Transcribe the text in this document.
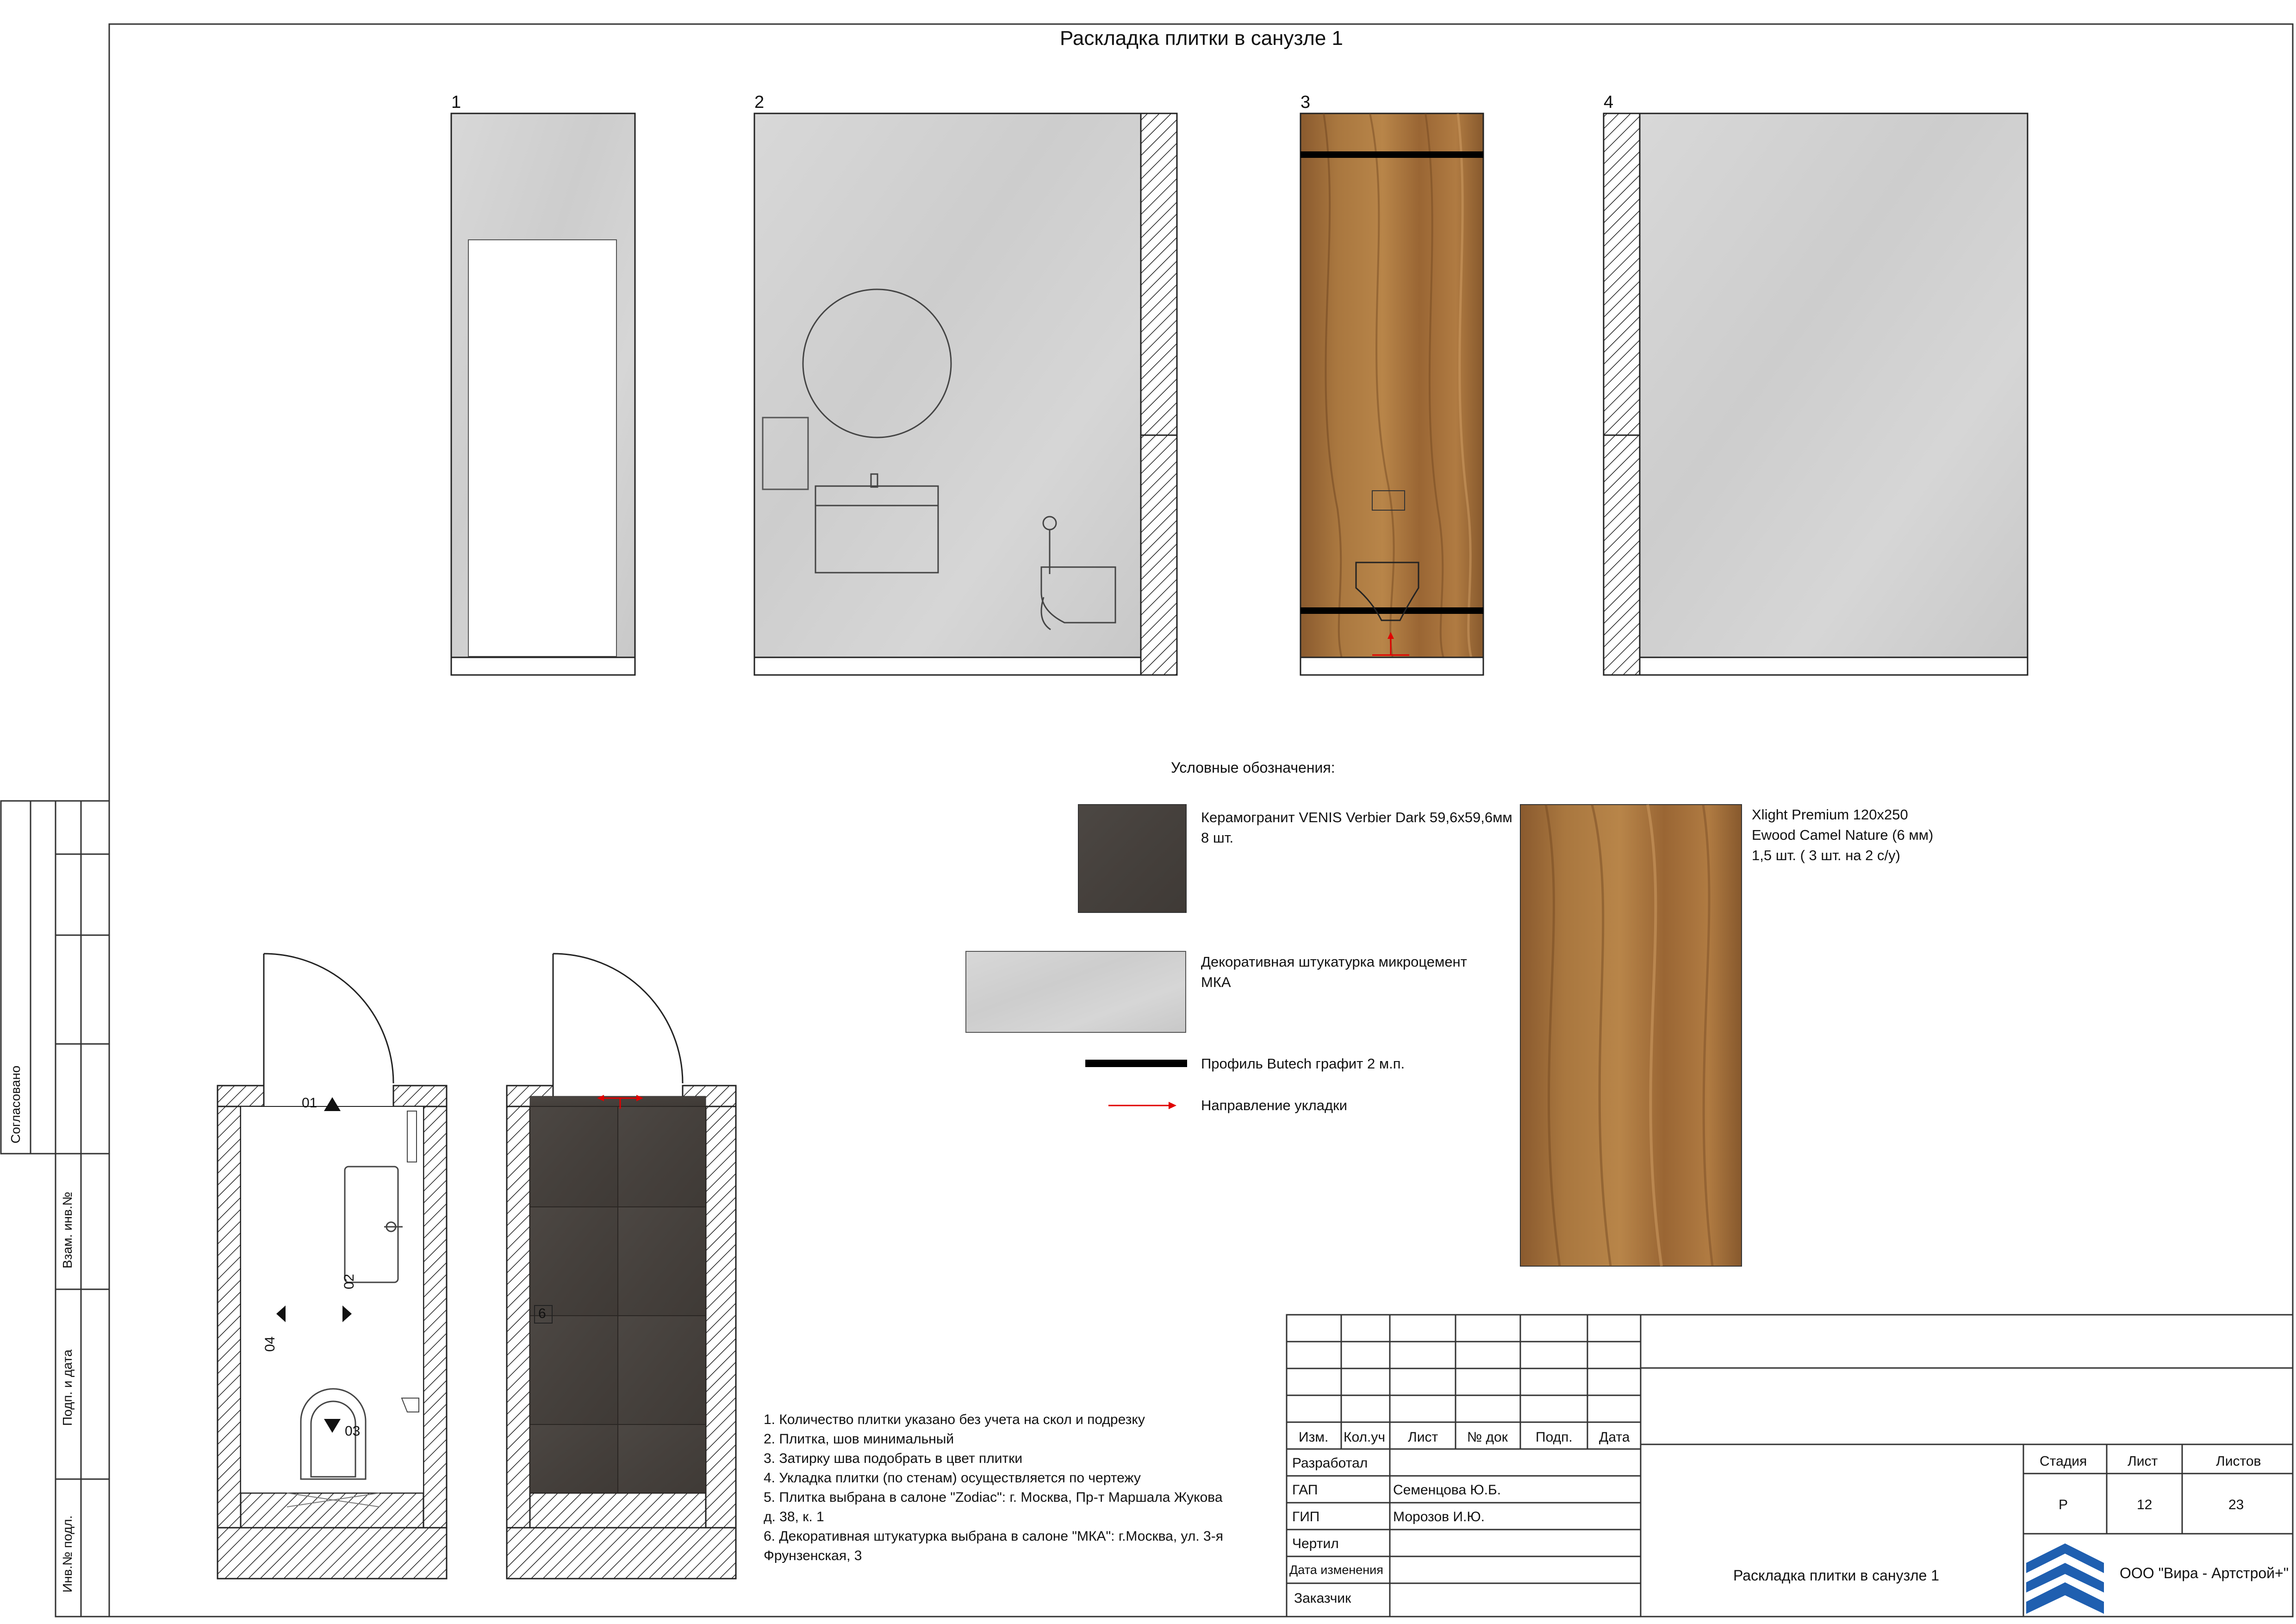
Раскладка плитки в санузле 1
1	2	3	4
Условные обозначения:
Керамогранит VENIS Verbier Dark 59,6х59,6мм
8 шт.
Декоративная штукатурка микроцемент
МКА
Профиль Butech графит 2 м.п.
Направление укладки
Xlight Premium 120x250
Ewood Camel Nature (6 мм)
1,5 шт. ( 3 шт. на 2 с/у)
01
02
03
04
6
1. Количество плитки указано без учета на скол и подрезку
2. Плитка, шов минимальный
3. Затирку шва подобрать в цвет плитки
4. Укладка плитки (по стенам) осуществляется по чертежу
5. Плитка выбрана в салоне "Zodiac": г. Москва, Пр-т Маршала Жукова
д. 38, к. 1
6. Декоративная штукатурка выбрана в салоне "МКА": г.Москва, ул. 3-я
Фрунзенская, 3
Согласовано
Взам. инв.№
Подп. и дата
Инв.№ подл.
Изм. Кол.уч Лист № док Подп. Дата
Разработал
ГАП	Семенцова Ю.Б.
ГИП	Морозов И.Ю.
Чертил
Дата изменения
Заказчик
Раскладка плитки в санузле 1
Стадия	Лист	Листов
Р	12	23
ООО "Вира - Артстрой+"
